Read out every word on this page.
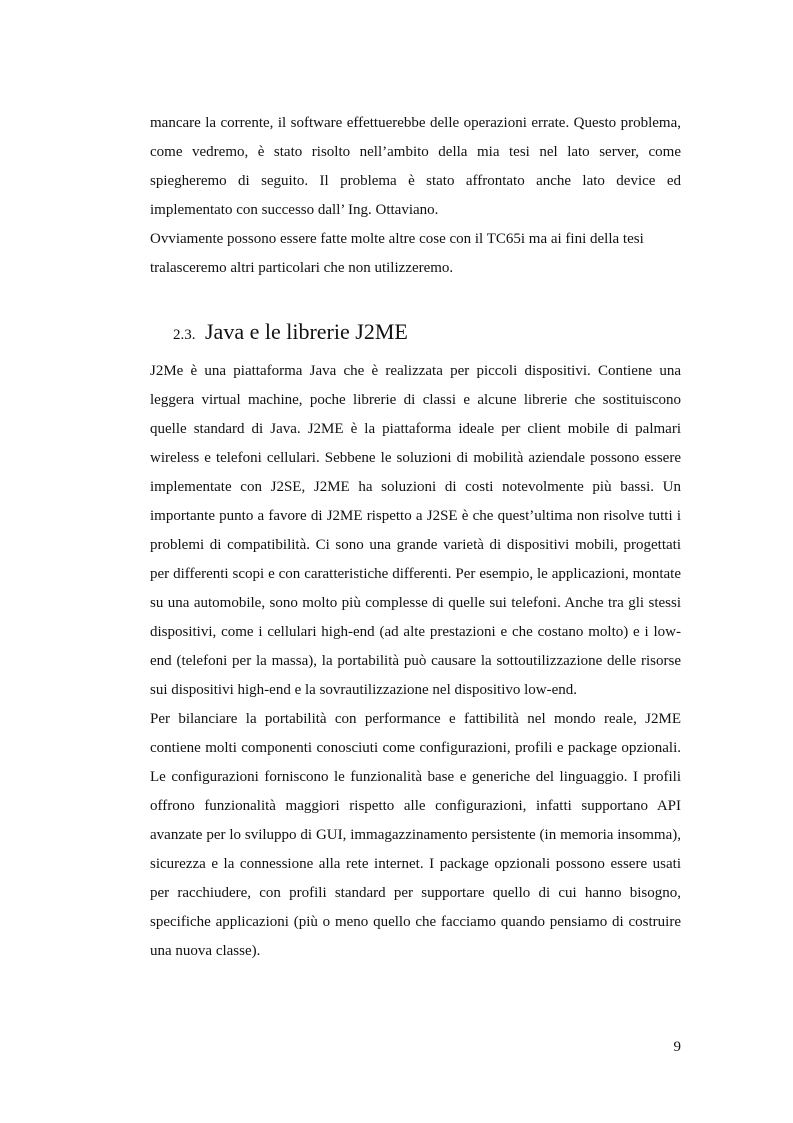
mancare la corrente, il software effettuerebbe delle operazioni errate. Questo problema, come vedremo, è stato risolto nell’ambito della mia tesi nel lato server, come spiegheremo di seguito. Il problema è stato affrontato anche lato device ed implementato con successo dall’ Ing. Ottaviano.

Ovviamente possono essere fatte molte altre cose con il TC65i ma ai fini della tesi tralasceremo altri particolari che non utilizzeremo.

2.3. Java e le librerie J2ME

J2Me è una piattaforma Java che è realizzata per piccoli dispositivi. Contiene una leggera virtual machine, poche librerie di classi e alcune librerie che sostituiscono quelle standard di Java. J2ME è la piattaforma ideale per client mobile di palmari wireless e telefoni cellulari. Sebbene le soluzioni di mobilità aziendale possono essere implementate con J2SE, J2ME ha soluzioni di costi notevolmente più bassi. Un importante punto a favore di J2ME rispetto a J2SE è che quest’ultima non risolve tutti i problemi di compatibilità. Ci sono una grande varietà di dispositivi mobili, progettati per differenti scopi e con caratteristiche differenti. Per esempio, le applicazioni, montate su una automobile, sono molto più complesse di quelle sui telefoni. Anche tra gli stessi dispositivi, come i cellulari high-end (ad alte prestazioni e che costano molto) e i low-end (telefoni per la massa), la portabilità può causare la sottoutilizzazione delle risorse sui dispositivi high-end e la sovrautilizzazione nel dispositivo low-end.

Per bilanciare la portabilità con performance e fattibilità nel mondo reale, J2ME contiene molti componenti conosciuti come configurazioni, profili e package opzionali. Le configurazioni forniscono le funzionalità base e generiche del linguaggio. I profili offrono funzionalità maggiori rispetto alle configurazioni, infatti supportano API avanzate per lo sviluppo di GUI, immagazzinamento persistente (in memoria insomma), sicurezza e la connessione alla rete internet. I package opzionali possono essere usati per racchiudere, con profili standard per supportare quello di cui hanno bisogno, specifiche applicazioni (più o meno quello che facciamo quando pensiamo di costruire una nuova classe).

9
